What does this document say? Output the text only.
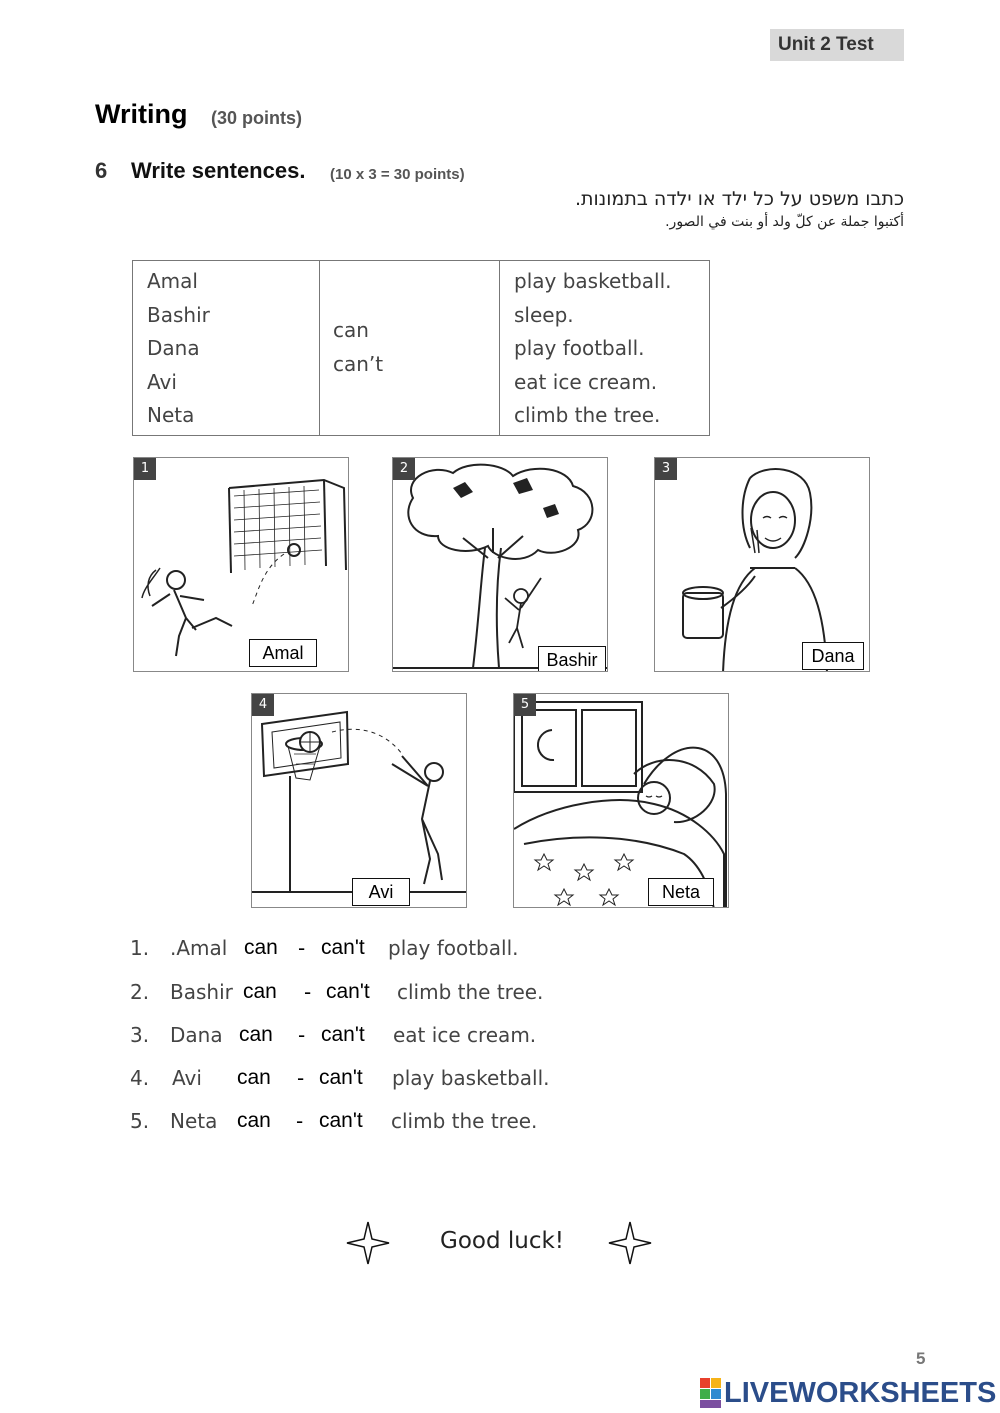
Unit 2 Test
Writing (30 points)
6 Write sentences. (10 x 3 = 30 points)
כתבו משפט על כל ילד או ילדה בתמונות.
أكتبوا جملة عن كلّ ولد أو بنت في الصور.
Amal
Bashir
Dana
Avi
Neta
can
can’t
play basketball.
sleep.
play football.
eat ice cream.
climb the tree.
1
Amal
2
Bashir
3
Dana
4
Avi
5
Neta
1. .Amal can - can't play football.
2. Bashir can - can't climb the tree.
3. Dana can - can't eat ice cream.
4. Avi can - can't play basketball.
5. Neta can - can't climb the tree.
Good luck!
5
LIVEWORKSHEETS
